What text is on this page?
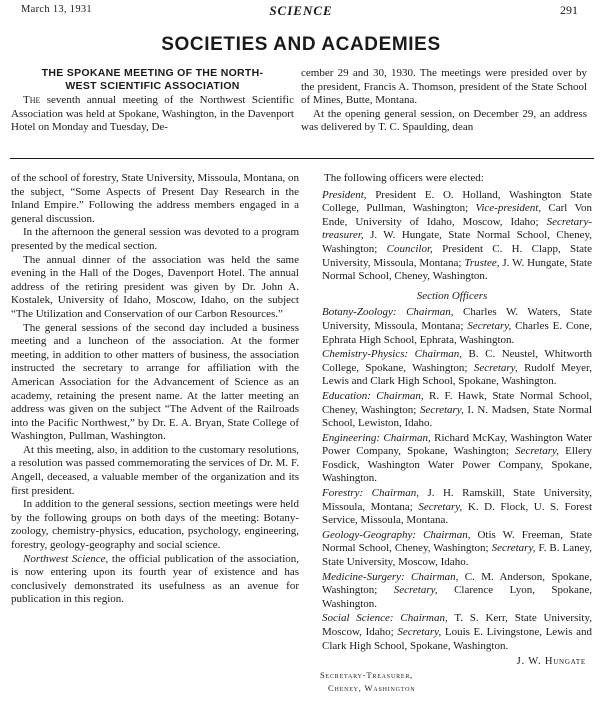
March 13, 1931	SCIENCE	291
SOCIETIES AND ACADEMIES
THE SPOKANE MEETING OF THE NORTH-
WEST SCIENTIFIC ASSOCIATION

The seventh annual meeting of the Northwest Scientific Association was held at Spokane, Washington, in the Davenport Hotel on Monday and Tuesday, De-

cember 29 and 30, 1930. The meetings were presided over by the president, Francis A. Thomson, president of the State School of Mines, Butte, Montana.

At the opening general session, on December 29, an address was delivered by T. C. Spaulding, dean

of the school of forestry, State University, Missoula, Montana, on the subject, “Some Aspects of Present Day Research in the Inland Empire.” Following the address members engaged in a general discussion.

In the afternoon the general session was devoted to a program presented by the medical section.

The annual dinner of the association was held the same evening in the Hall of the Doges, Davenport Hotel. The annual address of the retiring president was given by Dr. John A. Kostalek, University of Idaho, Moscow, Idaho, on the subject “The Utilization and Conservation of our Carbon Resources.”

The general sessions of the second day included a business meeting and a luncheon of the association. At the former meeting, in addition to other matters of business, the association instructed the secretary to arrange for affiliation with the American Association for the Advancement of Science as an academy, retaining the present name. At the latter meeting an address was given on the subject “The Advent of the Railroads into the Pacific Northwest,” by Dr. E. A. Bryan, State College of Washington, Pullman, Washington.

At this meeting, also, in addition to the customary resolutions, a resolution was passed commemorating the services of Dr. M. F. Angell, deceased, a valuable member of the organization and its first president.

In addition to the general sessions, section meetings were held by the following groups on both days of the meeting: Botany-zoology, chemistry-physics, education, psychology, engineering, forestry, geology-geography and social science.

Northwest Science, the official publication of the association, is now entering upon its fourth year of existence and has conclusively demonstrated its usefulness as an avenue for publication in this region.

The following officers were elected:

President, President E. O. Holland, Washington State College, Pullman, Washington; Vice-president, Carl Von Ende, University of Idaho, Moscow, Idaho; Secretary-treasurer, J. W. Hungate, State Normal School, Cheney, Washington; Councilor, President C. H. Clapp, State University, Missoula, Montana; Trustee, J. W. Hungate, State Normal School, Cheney, Washington.

Section Officers

Botany-Zoology: Chairman, Charles W. Waters, State University, Missoula, Montana; Secretary, Charles E. Cone, Ephrata High School, Ephrata, Washington.

Chemistry-Physics: Chairman, B. C. Neustel, Whitworth College, Spokane, Washington; Secretary, Rudolf Meyer, Lewis and Clark High School, Spokane, Washington.

Education: Chairman, R. F. Hawk, State Normal School, Cheney, Washington; Secretary, I. N. Madsen, State Normal School, Lewiston, Idaho.

Engineering: Chairman, Richard McKay, Washington Water Power Company, Spokane, Washington; Secretary, Ellery Fosdick, Washington Water Power Company, Spokane, Washington.

Forestry: Chairman, J. H. Ramskill, State University, Missoula, Montana; Secretary, K. D. Flock, U. S. Forest Service, Missoula, Montana.

Geology-Geography: Chairman, Otis W. Freeman, State Normal School, Cheney, Washington; Secretary, F. B. Laney, State University, Moscow, Idaho.

Medicine-Surgery: Chairman, C. M. Anderson, Spokane, Washington; Secretary, Clarence Lyon, Spokane, Washington.

Social Science: Chairman, T. S. Kerr, State University, Moscow, Idaho; Secretary, Louis E. Livingstone, Lewis and Clark High School, Spokane, Washington.

J. W. Hungate
Secretary-Treasurer,
Cheney, Washington
